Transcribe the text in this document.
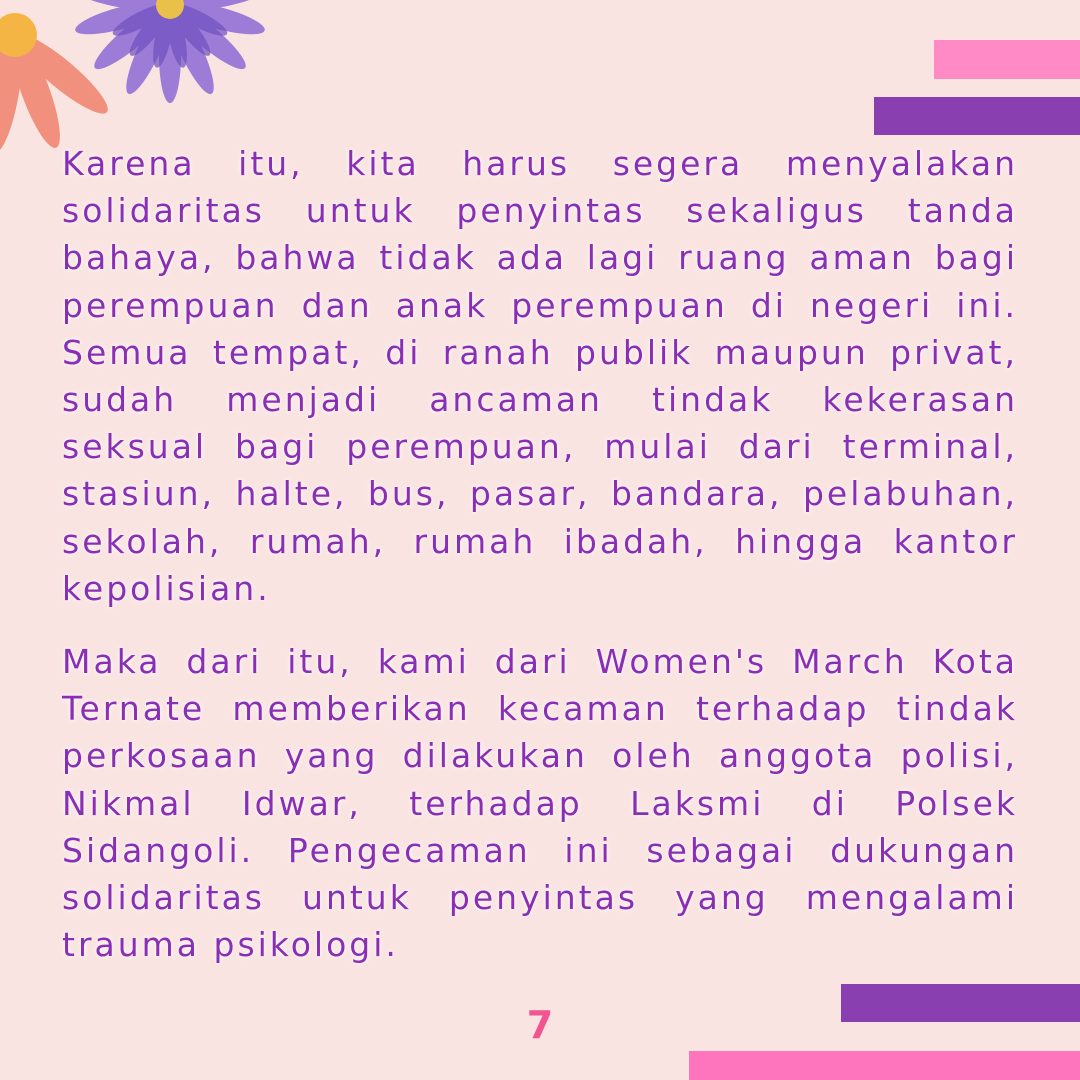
Karena itu, kita harus segera menyalakan solidaritas untuk penyintas sekaligus tanda bahaya, bahwa tidak ada lagi ruang aman bagi perempuan dan anak perempuan di negeri ini. Semua tempat, di ranah publik maupun privat, sudah menjadi ancaman tindak kekerasan seksual bagi perempuan, mulai dari terminal, stasiun, halte, bus, pasar, bandara, pelabuhan, sekolah, rumah, rumah ibadah, hingga kantor kepolisian.

Maka dari itu, kami dari Women's March Kota Ternate memberikan kecaman terhadap tindak perkosaan yang dilakukan oleh anggota polisi, Nikmal Idwar, terhadap Laksmi di Polsek Sidangoli. Pengecaman ini sebagai dukungan solidaritas untuk penyintas yang mengalami trauma psikologi.

7
